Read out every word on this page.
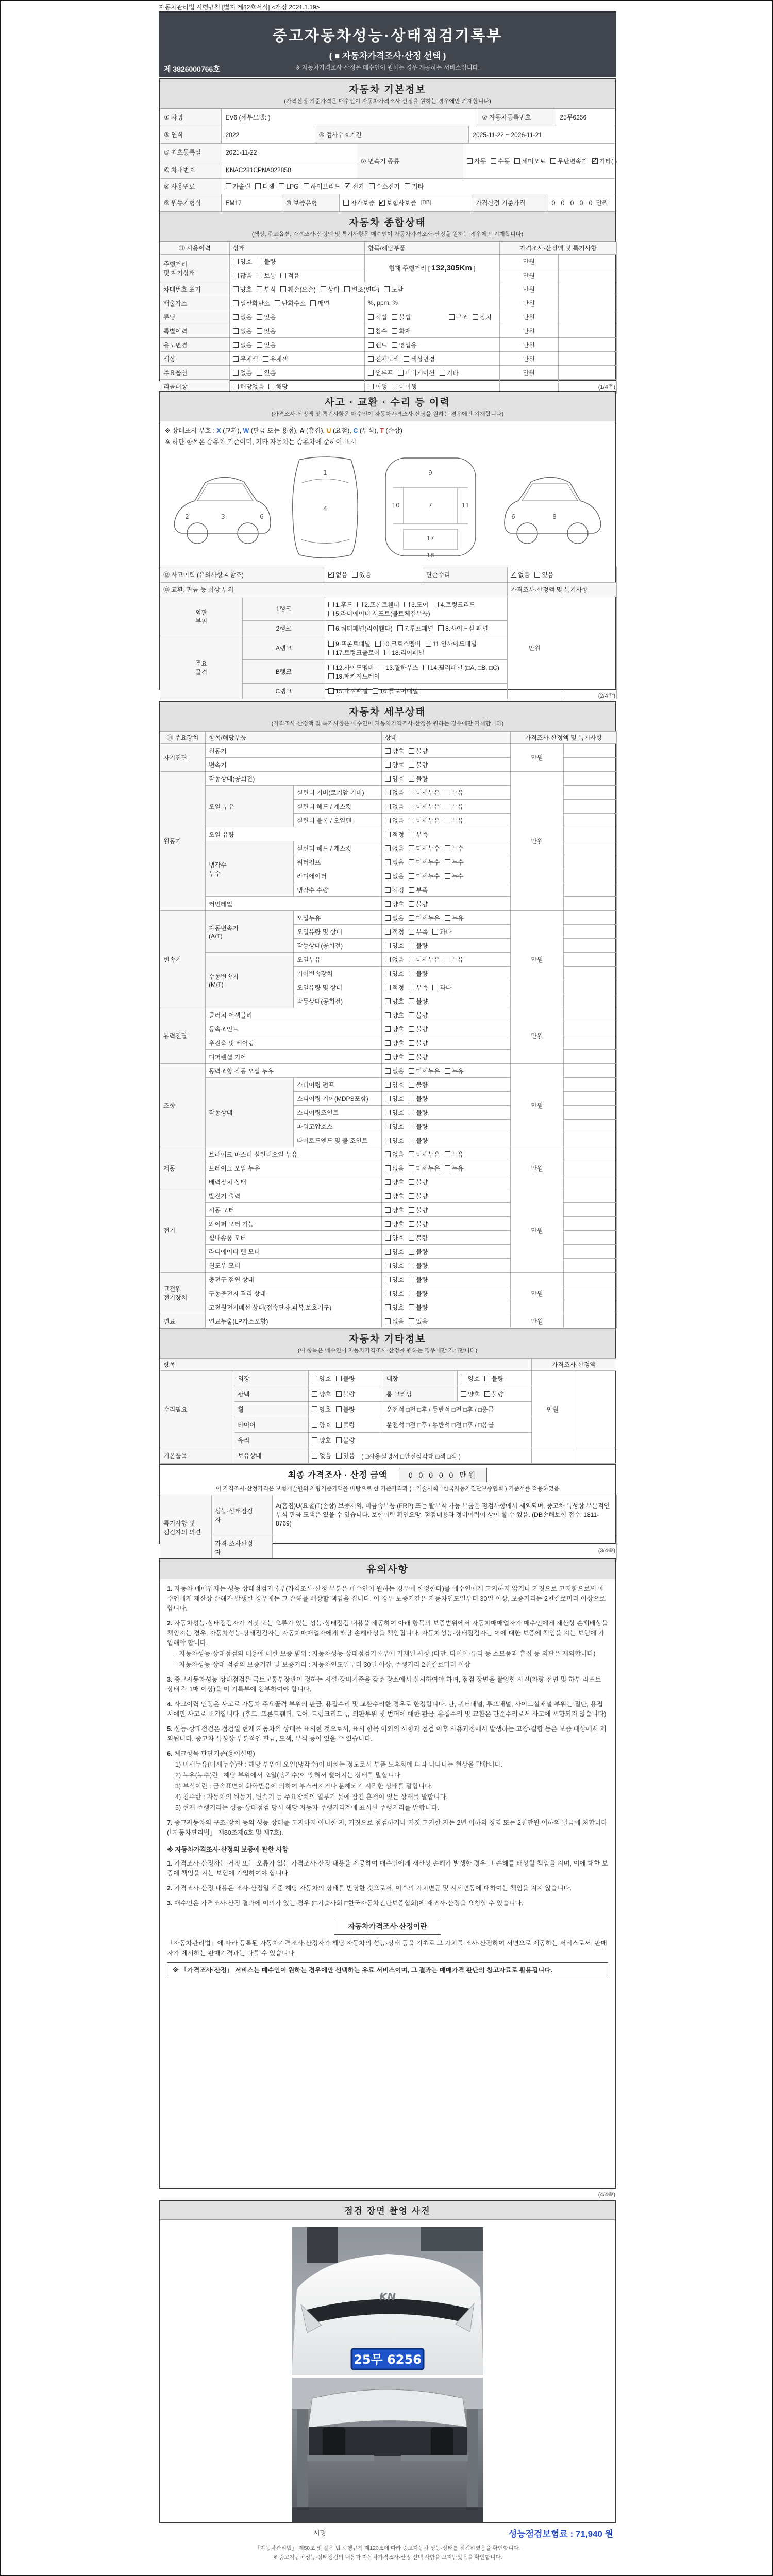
자동차관리법 시행규칙 [별지 제82호서식] <개정 2021.1.19>
중고자동차성능·상태점검기록부
( ■ 자동차가격조사·산정 선택 )
※ 자동차가격조사·산정은 매수인이 원하는 경우 제공하는 서비스입니다.
제 3826000766호
자동차 기본정보
(가격산정 기준가격은 매수인이 자동차가격조사·산정을 원하는 경우에만 기재합니다)
① 차명	EV6 (세부모델: )	② 자동차등록번호	25무6256
③ 연식	2022	④ 검사유효기간	2025-11-22 ~ 2026-11-21
⑤ 최초등록일	2021-11-22
⑥ 차대번호	KNAC281CPNA022850
⑦ 변속기 종류	자동 수동 세미오토 무단변속기 ✓ 기타( )
⑧ 사용연료	가솔린 디젤 LPG 하이브리드 ✓ 전기 수소전기 기타
⑨ 원동기형식	EM17	⑩ 보증유형	자가보증 ✓ 보험사보증 [DB]	가격산정 기준가격	0 0 0 0 0 만원
자동차 종합상태
(색상, 주요옵션, 가격조사·산정액 및 특기사항은 매수인이 자동차가격조사·산정을 원하는 경우에만 기재합니다)
⑪ 사용이력	상태	항목/해당부품	가격조사·산정액 및 특기사항	
주행거리
및 계기상태	양호 불량	현재 주행거리 [ 132,305Km ]	만원	

	많음 보통 적음		만원	
차대번호 표기	양호 부식 훼손(오손) 상이 변조(변타) 도말	만원	
배출가스	일산화탄소 탄화수소 매연	%, ppm, %	만원	
튜닝	없음 있음	적법 불법 구조 장치	만원	
특별이력	없음 있음	침수 화재	만원	
용도변경	없음 있음	렌트 영업용	만원	
색상	무채색 유채색	전체도색 색상변경	만원	
주요옵션	없음 있음	썬루프 네비게이션 기타	만원	
리콜대상	해당없음 해당	이행 미이행		
			(1/4쪽)
사고 · 교환 · 수리 등 이력
(가격조사·산정액 및 특기사항은 매수인이 자동차가격조사·산정을 원하는 경우에만 기재합니다)
※ 상태표시 부호 : X (교환), W (판금 또는 용접), A (흠집), U (요철), C (부식), T (손상)
※ 하단 항목은 승용차 기준이며, 기타 자동차는 승용차에 준하여 표시
2	3	6
1
4
9
10	7	11
17
18
6	8
⑫ 사고이력 (유의사항 4.참조)	
✓없음 있음	단순수리	
✓없음 있음

⑬ 교환, 판금 등 이상 부위				가격조사·산정액 및 특기사항	
외판
부위	1랭크	1.후드 2.프론트휀더 3.도어 4.트렁크리드
5.라디에이터 서포트(볼트체결부품)		만원	
	2랭크	6.쿼터패널(리어휀다) 7.루프패널 8.사이드실 패널			

주요
골격	A랭크	9.프론트패널 10.크로스멤버 11.인사이드패널
17.트렁크플로어 18.리어패널			

	B랭크	12.사이드멤버 13.휠하우스 14.필러패널 (□A, □B, □C)
19.패키지트레이			

	C랭크	15.대쉬패널 16.플로어패널			
(2/4쪽)
자동차 세부상태
(가격조사·산정액 및 특기사항은 매수인이 자동차가격조사·산정을 원하는 경우에만 기재합니다)
⑭ 주요장치	항목/해당부품		상태	가격조사·산정액 및 특기사항	
자기진단	원동기		양호 불량	만원	
	변속기		양호 불량		

원동기	작동상태(공회전)		양호 불량	만원	
	오일 누유	실린더 커버(로커암 커버)	없음 미세누유 누유		

		실린더 헤드 / 개스킷	없음 미세누유 누유		

		실린더 블록 / 오일팬	없음 미세누유 누유		

	오일 유량		적정 부족		

	냉각수
누수	실린더 헤드 / 개스킷	없음 미세누수 누수		

		워터펌프	없음 미세누수 누수		

		라디에이터	없음 미세누수 누수		

		냉각수 수량	적정 부족		

	커먼레일		양호 불량		

변속기	자동변속기
(A/T)	오일누유	없음 미세누유 누유	만원	
		오일유량 및 상태	적정 부족 과다		

		작동상태(공회전)	양호 불량		

	수동변속기
(M/T)	오일누유	없음 미세누유 누유		

		기어변속장치	양호 불량		

		오일유량 및 상태	적정 부족 과다		

		작동상태(공회전)	양호 불량		

동력전달	클러치 어셈블리		양호 불량	만원	
	등속조인트		양호 불량		

	추진축 및 베어링		양호 불량		

	디퍼렌셜 기어		양호 불량		

조향	동력조향 작동 오일 누유		없음 미세누유 누유	만원	
	작동상태	스티어링 펌프	양호 불량		

		스티어링 기어(MDPS포함)	양호 불량		

		스티어링조인트	양호 불량		

		파워고압호스	양호 불량		

		타이로드엔드 및 볼 조인트	양호 불량		

제동	브레이크 마스터 실린더오일 누유		없음 미세누유 누유	만원	
	브레이크 오일 누유		없음 미세누유 누유		

	배력장치 상태		양호 불량		

전기	발전기 출력		양호 불량	만원	
	시동 모터		양호 불량		

	와이퍼 모터 기능		양호 불량		

	실내송풍 모터		양호 불량		

	라디에이터 팬 모터		양호 불량		

	윈도우 모터		양호 불량		

고전원
전기장치	충전구 절연 상태		양호 불량	만원	
	구동축전지 격리 상태		양호 불량		

	고전원전기배선 상태(접속단자,피복,보호기구)		양호 불량		

연료	연료누출(LP가스포함)		없음 있음	만원	
자동차 기타정보
(이 항목은 매수인이 자동차가격조사·산정을 원하는 경우에만 기재합니다)
항목					가격조사·산정액	
수리필요	외장	양호 불량	내장	양호 불량	만원	
	광택	양호 불량	룸 크리닝	양호 불량		

	휠	양호 불량	운전석 □전 □후 / 동반석 □전 □후 / □응급			
	타이어	양호 불량	운전석 □전 □후 / 동반석 □전 □후 / □응급			
	유리	양호 불량				

기본품목	보유상태	없음 있음 ( □사용설명서 □안전삼각대 □잭 □잭 )				
최종 가격조사 · 산정 금액	0 0 0 0 0 만원
이 가격조사·산정가격은 보험개발원의 차량기준가액을 바탕으로 한 기준가격과 ( □기술사회 □한국자동차진단보증협회 ) 기준서를 적용하였음
특기사항 및
점검자의 의견	성능·상태점검
자	A(흠집)U(요철)T(손상) 보증제외, 비금속부품 (FRP) 또는 탈부착 가능 부품은 점검사항에서 제외되며, 중고차 특성상 부분적인 부식 판금 도색은 있을 수 있습니다. 보험이력 확인요망. 점검내용과 정비이력이 상이 할 수 있음. (DB손해보험 접수: 1811-8769)
	가격·조사산정
자		(3/4쪽)
유의사항
1. 자동차 매매업자는 성능·상태점검기록부(가격조사·산정 부분은 매수인이 원하는 경우에 한정한다)를 매수인에게 고지하지 않거나 거짓으로 고지함으로써 매수인에게 재산상 손해가 발생한 경우에는 그 손해를 배상할 책임을 집니다. 이 경우 보증기간은 자동차인도일부터 30일 이상, 보증거리는 2천킬로미터 이상으로 합니다.
2. 자동차성능·상태점검자가 거짓 또는 오류가 있는 성능·상태점검 내용을 제공하여 아래 항목의 보증범위에서 자동차매매업자가 매수인에게 재산상 손해배상을 책임지는 경우, 자동차성능·상태점검자는 자동차매매업자에게 해당 손해배상을 책임집니다. 자동차성능·상태점검자는 이에 대한 보증에 책임을 지는 보험에 가입해야 합니다.
- 자동차성능·상태점검의 내용에 대한 보증 범위 : 자동차성능·상태점검기록부에 기재된 사항 (다만, 타이어·유리 등 소모품과 흠집 등 외관은 제외합니다)
- 자동차성능·상태 점검의 보증기간 및 보증거리 : 자동차인도일부터 30일 이상, 주행거리 2천킬로미터 이상
3. 중고자동차성능·상태점검은 국토교통부장관이 정하는 시설·장비기준을 갖춘 장소에서 실시하여야 하며, 점검 장면을 촬영한 사진(차량 전면 및 하부 리프트 상태 각 1매 이상)을 이 기록부에 첨부하여야 합니다.
4. 사고이력 인정은 사고로 자동차 주요골격 부위의 판금, 용접수리 및 교환수리한 경우로 한정합니다. 단, 쿼터패널, 루프패널, 사이드실패널 부위는 절단, 용접 시에만 사고로 표기합니다. (후드, 프론트휀더, 도어, 트렁크리드 등 외판부위 및 범퍼에 대한 판금, 용접수리 및 교환은 단순수리로서 사고에 포함되지 않습니다)
5. 성능·상태점검은 점검일 현재 자동차의 상태를 표시한 것으로서, 표시 항목 이외의 사항과 점검 이후 사용과정에서 발생하는 고장·결함 등은 보증 대상에서 제외됩니다. 중고차 특성상 부분적인 판금, 도색, 부식 등이 있을 수 있습니다.
6. 체크항목 판단기준(용어설명)
1) 미세누유(미세누수)란 : 해당 부위에 오일(냉각수)이 비치는 정도로서 부품 노후화에 따라 나타나는 현상을 말합니다.
2) 누유(누수)란 : 해당 부위에서 오일(냉각수)이 맺혀서 떨어지는 상태를 말합니다.
3) 부식이란 : 금속표면이 화학반응에 의하여 부스러지거나 분해되기 시작한 상태를 말합니다.
4) 침수란 : 자동차의 원동기, 변속기 등 주요장치의 일부가 물에 잠긴 흔적이 있는 상태를 말합니다.
5) 현재 주행거리는 성능·상태점검 당시 해당 자동차 주행거리계에 표시된 주행거리를 말합니다.
7. 중고자동차의 구조·장치 등의 성능·상태를 고지하지 아니한 자, 거짓으로 점검하거나 거짓 고지한 자는 2년 이하의 징역 또는 2천만원 이하의 벌금에 처합니다(「자동차관리법」 제80조제6호 및 제7호).
※ 자동차가격조사·산정의 보증에 관한 사항
1. 가격조사·산정자는 거짓 또는 오류가 있는 가격조사·산정 내용을 제공하여 매수인에게 재산상 손해가 발생한 경우 그 손해를 배상할 책임을 지며, 이에 대한 보증에 책임을 지는 보험에 가입하여야 합니다.
2. 가격조사·산정 내용은 조사·산정일 기준 해당 자동차의 상태를 반영한 것으로서, 이후의 가치변동 및 시세변동에 대하여는 책임을 지지 않습니다.
3. 매수인은 가격조사·산정 결과에 이의가 있는 경우 (□기술사회 □한국자동차진단보증협회)에 재조사·산정을 요청할 수 있습니다.
자동차가격조사·산정이란
「자동차관리법」에 따라 등록된 자동차가격조사·산정자가 해당 자동차의 성능·상태 등을 기초로 그 가치를 조사·산정하여 서면으로 제공하는 서비스로서, 판매자가 제시하는 판매가격과는 다를 수 있습니다.
※ 「가격조사·산정」 서비스는 매수인이 원하는 경우에만 선택하는 유료 서비스이며, 그 결과는 매매가격 판단의 참고자료로 활용됩니다.
(4/4쪽)
점검 장면 촬영 사진
KN
25무 6256
서명	성능점검보험료 : 71,940 원
「자동차관리법」 제58조 및 같은 법 시행규칙 제120조에 따라 중고자동차 성능·상태를 점검하였음을 확인합니다.
※ 중고자동차성능·상태점검의 내용과 자동차가격조사·산정 선택 사항을 고지받았음을 확인합니다.
